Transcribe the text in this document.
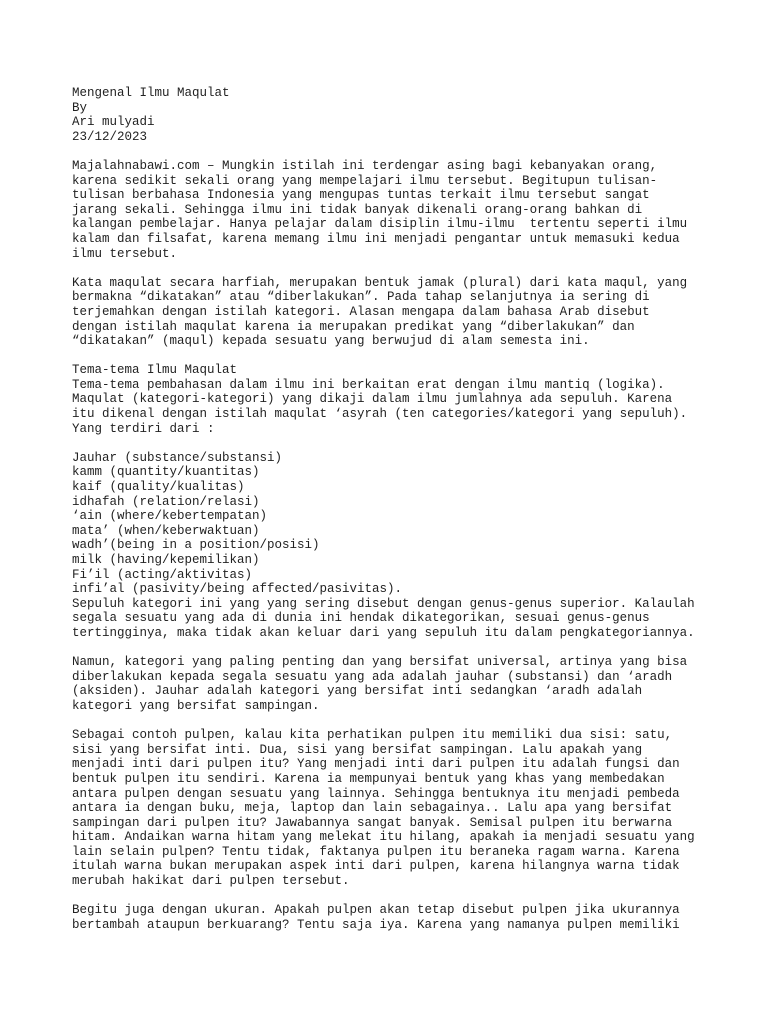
Mengenal Ilmu Maqulat
By
Ari mulyadi
23/12/2023
Majalahnabawi.com – Mungkin istilah ini terdengar asing bagi kebanyakan orang,
karena sedikit sekali orang yang mempelajari ilmu tersebut. Begitupun tulisan-
tulisan berbahasa Indonesia yang mengupas tuntas terkait ilmu tersebut sangat
jarang sekali. Sehingga ilmu ini tidak banyak dikenali orang-orang bahkan di
kalangan pembelajar. Hanya pelajar dalam disiplin ilmu-ilmu  tertentu seperti ilmu
kalam dan filsafat, karena memang ilmu ini menjadi pengantar untuk memasuki kedua
ilmu tersebut.
Kata maqulat secara harfiah, merupakan bentuk jamak (plural) dari kata maqul, yang
bermakna “dikatakan” atau “diberlakukan”. Pada tahap selanjutnya ia sering di
terjemahkan dengan istilah kategori. Alasan mengapa dalam bahasa Arab disebut
dengan istilah maqulat karena ia merupakan predikat yang “diberlakukan” dan
“dikatakan” (maqul) kepada sesuatu yang berwujud di alam semesta ini.
Tema-tema Ilmu Maqulat
Tema-tema pembahasan dalam ilmu ini berkaitan erat dengan ilmu mantiq (logika).
Maqulat (kategori-kategori) yang dikaji dalam ilmu jumlahnya ada sepuluh. Karena
itu dikenal dengan istilah maqulat ‘asyrah (ten categories/kategori yang sepuluh).
Yang terdiri dari :
Jauhar (substance/substansi)
kamm (quantity/kuantitas)
kaif (quality/kualitas)
idhafah (relation/relasi)
‘ain (where/kebertempatan)
mata’ (when/keberwaktuan)
wadh’(being in a position/posisi)
milk (having/kepemilikan)
Fi’il (acting/aktivitas)
infi’al (pasivity/being affected/pasivitas).
Sepuluh kategori ini yang yang sering disebut dengan genus-genus superior. Kalaulah
segala sesuatu yang ada di dunia ini hendak dikategorikan, sesuai genus-genus
tertingginya, maka tidak akan keluar dari yang sepuluh itu dalam pengkategoriannya.
Namun, kategori yang paling penting dan yang bersifat universal, artinya yang bisa
diberlakukan kepada segala sesuatu yang ada adalah jauhar (substansi) dan ‘aradh
(aksiden). Jauhar adalah kategori yang bersifat inti sedangkan ‘aradh adalah
kategori yang bersifat sampingan.
Sebagai contoh pulpen, kalau kita perhatikan pulpen itu memiliki dua sisi: satu,
sisi yang bersifat inti. Dua, sisi yang bersifat sampingan. Lalu apakah yang
menjadi inti dari pulpen itu? Yang menjadi inti dari pulpen itu adalah fungsi dan
bentuk pulpen itu sendiri. Karena ia mempunyai bentuk yang khas yang membedakan
antara pulpen dengan sesuatu yang lainnya. Sehingga bentuknya itu menjadi pembeda
antara ia dengan buku, meja, laptop dan lain sebagainya.. Lalu apa yang bersifat
sampingan dari pulpen itu? Jawabannya sangat banyak. Semisal pulpen itu berwarna
hitam. Andaikan warna hitam yang melekat itu hilang, apakah ia menjadi sesuatu yang
lain selain pulpen? Tentu tidak, faktanya pulpen itu beraneka ragam warna. Karena
itulah warna bukan merupakan aspek inti dari pulpen, karena hilangnya warna tidak
merubah hakikat dari pulpen tersebut.
Begitu juga dengan ukuran. Apakah pulpen akan tetap disebut pulpen jika ukurannya
bertambah ataupun berkuarang? Tentu saja iya. Karena yang namanya pulpen memiliki
